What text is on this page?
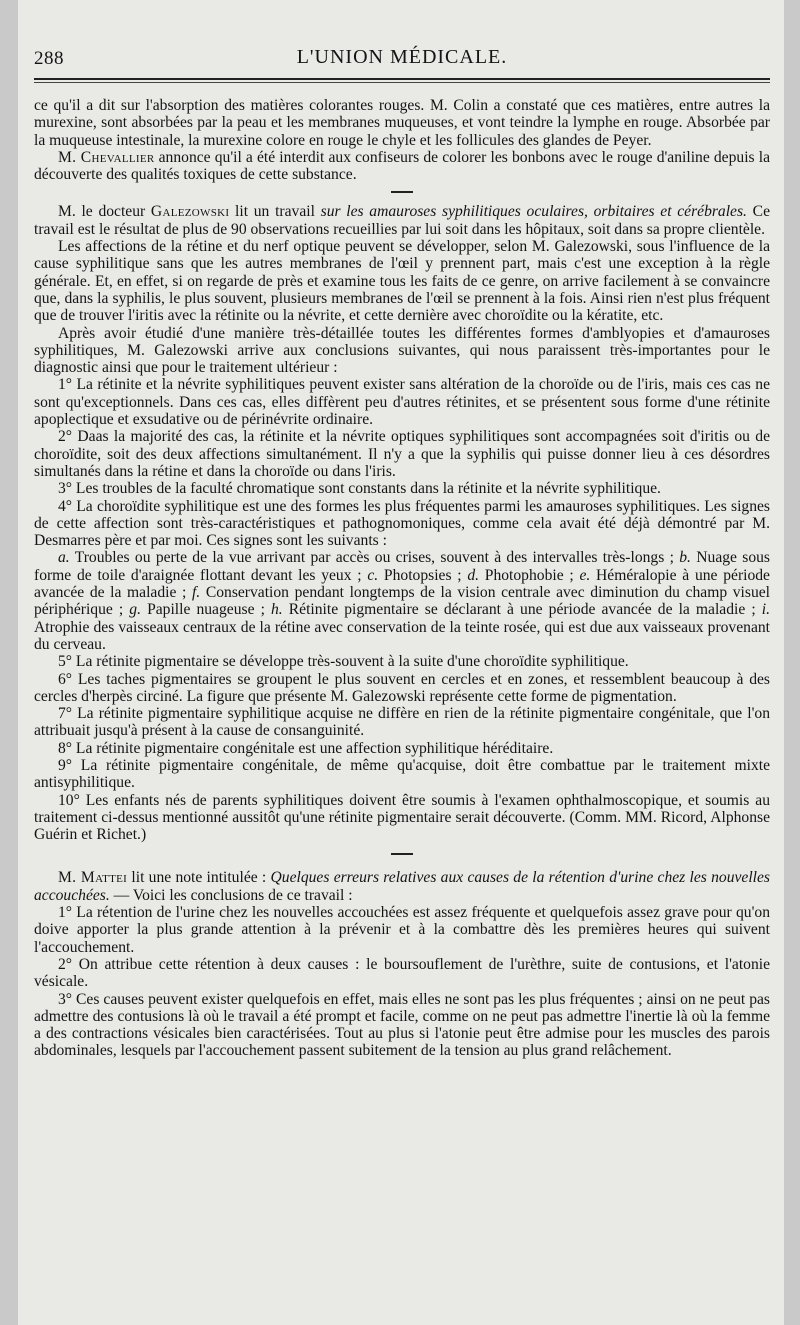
288	L'UNION MÉDICALE.

ce qu'il a dit sur l'absorption des matières colorantes rouges. M. Colin a constaté que ces matières, entre autres la murexine, sont absorbées par la peau et les membranes muqueuses, et vont teindre la lymphe en rouge. Absorbée par la muqueuse intestinale, la murexine colore en rouge le chyle et les follicules des glandes de Peyer.

M. Chevallier annonce qu'il a été interdit aux confiseurs de colorer les bonbons avec le rouge d'aniline depuis la découverte des qualités toxiques de cette substance.

M. le docteur Galezowski lit un travail sur les amauroses syphilitiques oculaires, orbitaires et cérébrales. Ce travail est le résultat de plus de 90 observations recueillies par lui soit dans les hôpitaux, soit dans sa propre clientèle.

Les affections de la rétine et du nerf optique peuvent se développer, selon M. Galezowski, sous l'influence de la cause syphilitique sans que les autres membranes de l'œil y prennent part, mais c'est une exception à la règle générale. Et, en effet, si on regarde de près et examine tous les faits de ce genre, on arrive facilement à se convaincre que, dans la syphilis, le plus souvent, plusieurs membranes de l'œil se prennent à la fois. Ainsi rien n'est plus fréquent que de trouver l'iritis avec la rétinite ou la névrite, et cette dernière avec choroïdite ou la kératite, etc.

Après avoir étudié d'une manière très-détaillée toutes les différentes formes d'amblyopies et d'amauroses syphilitiques, M. Galezowski arrive aux conclusions suivantes, qui nous paraissent très-importantes pour le diagnostic ainsi que pour le traitement ultérieur :

1° La rétinite et la névrite syphilitiques peuvent exister sans altération de la choroïde ou de l'iris, mais ces cas ne sont qu'exceptionnels. Dans ces cas, elles diffèrent peu d'autres rétinites, et se présentent sous forme d'une rétinite apoplectique et exsudative ou de périnévrite ordinaire.

2° Daas la majorité des cas, la rétinite et la névrite optiques syphilitiques sont accompagnées soit d'iritis ou de choroïdite, soit des deux affections simultanément. Il n'y a que la syphilis qui puisse donner lieu à ces désordres simultanés dans la rétine et dans la choroïde ou dans l'iris.

3° Les troubles de la faculté chromatique sont constants dans la rétinite et la névrite syphilitique.

4° La choroïdite syphilitique est une des formes les plus fréquentes parmi les amauroses syphilitiques. Les signes de cette affection sont très-caractéristiques et pathognomoniques, comme cela avait été déjà démontré par M. Desmarres père et par moi. Ces signes sont les suivants :

a. Troubles ou perte de la vue arrivant par accès ou crises, souvent à des intervalles très-longs ; b. Nuage sous forme de toile d'araignée flottant devant les yeux ; c. Photopsies ; d. Photophobie ; e. Héméralopie à une période avancée de la maladie ; f. Conservation pendant longtemps de la vision centrale avec diminution du champ visuel périphérique ; g. Papille nuageuse ; h. Rétinite pigmentaire se déclarant à une période avancée de la maladie ; i. Atrophie des vaisseaux centraux de la rétine avec conservation de la teinte rosée, qui est due aux vaisseaux provenant du cerveau.

5° La rétinite pigmentaire se développe très-souvent à la suite d'une choroïdite syphilitique.

6° Les taches pigmentaires se groupent le plus souvent en cercles et en zones, et ressemblent beaucoup à des cercles d'herpès circiné. La figure que présente M. Galezowski représente cette forme de pigmentation.

7° La rétinite pigmentaire syphilitique acquise ne diffère en rien de la rétinite pigmentaire congénitale, que l'on attribuait jusqu'à présent à la cause de consanguinité.

8° La rétinite pigmentaire congénitale est une affection syphilitique héréditaire.

9° La rétinite pigmentaire congénitale, de même qu'acquise, doit être combattue par le traitement mixte antisyphilitique.

10° Les enfants nés de parents syphilitiques doivent être soumis à l'examen ophthalmoscopique, et soumis au traitement ci-dessus mentionné aussitôt qu'une rétinite pigmentaire serait découverte. (Comm. MM. Ricord, Alphonse Guérin et Richet.)

M. Mattei lit une note intitulée : Quelques erreurs relatives aux causes de la rétention d'urine chez les nouvelles accouchées. — Voici les conclusions de ce travail :

1° La rétention de l'urine chez les nouvelles accouchées est assez fréquente et quelquefois assez grave pour qu'on doive apporter la plus grande attention à la prévenir et à la combattre dès les premières heures qui suivent l'accouchement.

2° On attribue cette rétention à deux causes : le boursouflement de l'urèthre, suite de contusions, et l'atonie vésicale.

3° Ces causes peuvent exister quelquefois en effet, mais elles ne sont pas les plus fréquentes ; ainsi on ne peut pas admettre des contusions là où le travail a été prompt et facile, comme on ne peut pas admettre l'inertie là où la femme a des contractions vésicales bien caractérisées. Tout au plus si l'atonie peut être admise pour les muscles des parois abdominales, lesquels par l'accouchement passent subitement de la tension au plus grand relâchement.
